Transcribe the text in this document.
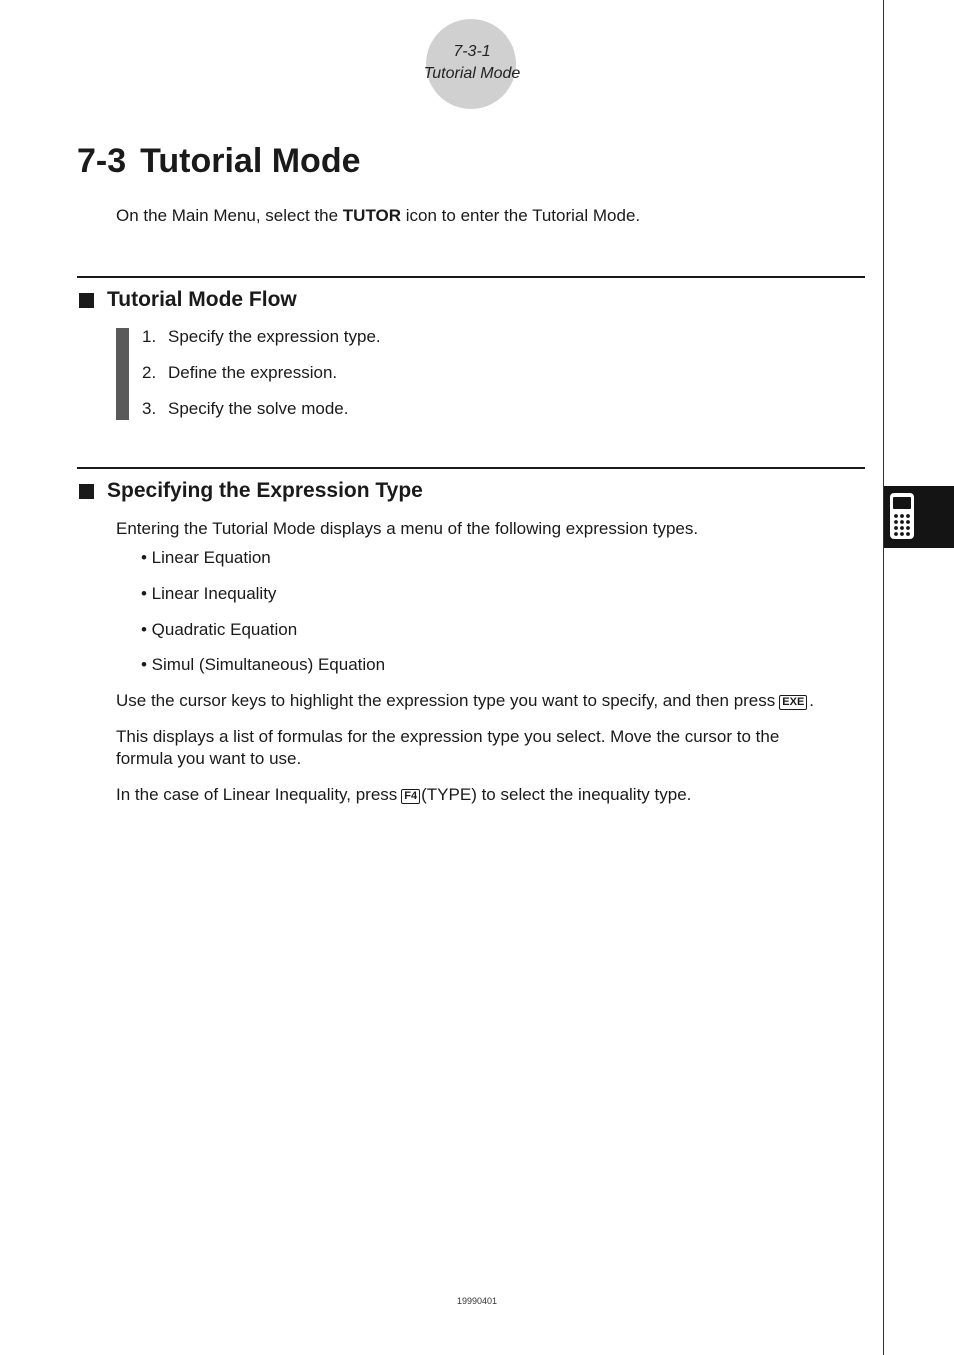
7-3-1
Tutorial Mode
7-3 Tutorial Mode

On the Main Menu, select the TUTOR icon to enter the Tutorial Mode.

Tutorial Mode Flow

1. Specify the expression type.

2. Define the expression.

3. Specify the solve mode.

Specifying the Expression Type

Entering the Tutorial Mode displays a menu of the following expression types.

• Linear Equation

• Linear Inequality

• Quadratic Equation

• Simul (Simultaneous) Equation

Use the cursor keys to highlight the expression type you want to specify, and then press EXE .

This displays a list of formulas for the expression type you select. Move the cursor to the

formula you want to use.

In the case of Linear Inequality, press F4 (TYPE) to select the inequality type.

19990401
